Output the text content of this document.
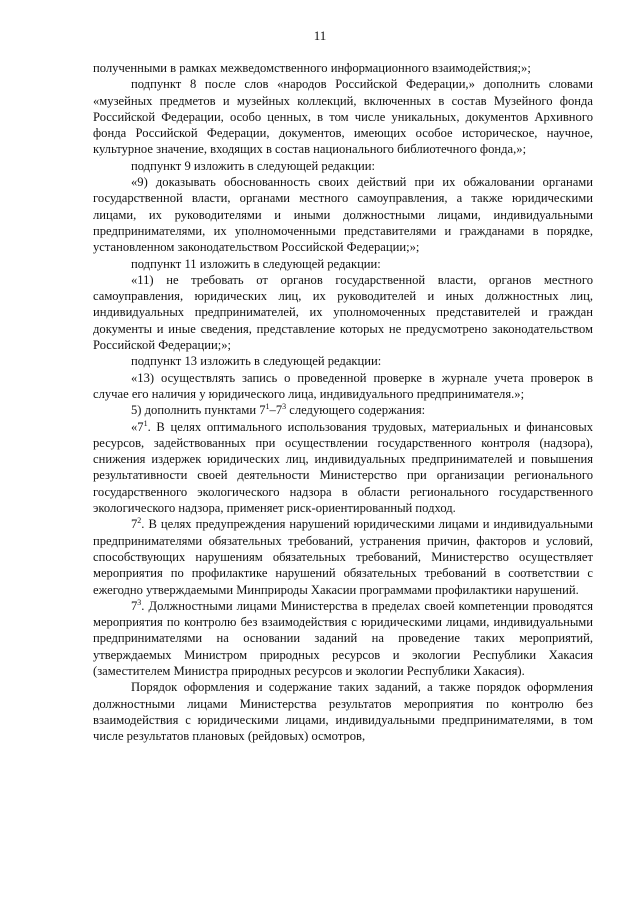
11

полученными в рамках межведомственного информационного взаимодействия;»;

подпункт 8 после слов «народов Российской Федерации,» дополнить словами «музейных предметов и музейных коллекций, включенных в состав Музейного фонда Российской Федерации, особо ценных, в том числе уникальных, документов Архивного фонда Российской Федерации, документов, имеющих особое историческое, научное, культурное значение, входящих в состав национального библиотечного фонда,»;

подпункт 9 изложить в следующей редакции:

«9) доказывать обоснованность своих действий при их обжаловании органами государственной власти, органами местного самоуправления, а также юридическими лицами, их руководителями и иными должностными лицами, индивидуальными предпринимателями, их уполномоченными представителями и гражданами в порядке, установленном законодательством Российской Федерации;»;

подпункт 11 изложить в следующей редакции:

«11) не требовать от органов государственной власти, органов местного самоуправления, юридических лиц, их руководителей и иных должностных лиц, индивидуальных предпринимателей, их уполномоченных представителей и граждан документы и иные сведения, представление которых не предусмотрено законодательством Российской Федерации;»;

подпункт 13 изложить в следующей редакции:

«13) осуществлять запись о проведенной проверке в журнале учета проверок в случае его наличия у юридического лица, индивидуального предпринимателя.»;

5) дополнить пунктами $7^1-7^3$ следующего содержания:

«$7^1$. В целях оптимального использования трудовых, материальных и финансовых ресурсов, задействованных при осуществлении государственного контроля (надзора), снижения издержек юридических лиц, индивидуальных предпринимателей и повышения результативности своей деятельности Министерство при организации регионального государственного экологического надзора в области регионального государственного экологического надзора, применяет риск-ориентированный подход.

$7^2$. В целях предупреждения нарушений юридическими лицами и индивидуальными предпринимателями обязательных требований, устранения причин, факторов и условий, способствующих нарушениям обязательных требований, Министерство осуществляет мероприятия по профилактике нарушений обязательных требований в соответствии с ежегодно утверждаемыми Минприроды Хакасии программами профилактики нарушений.

$7^3$. Должностными лицами Министерства в пределах своей компетенции проводятся мероприятия по контролю без взаимодействия с юридическими лицами, индивидуальными предпринимателями на основании заданий на проведение таких мероприятий, утверждаемых Министром природных ресурсов и экологии Республики Хакасия (заместителем Министра природных ресурсов и экологии Республики Хакасия).

Порядок оформления и содержание таких заданий, а также порядок оформления должностными лицами Министерства результатов мероприятия по контролю без взаимодействия с юридическими лицами, индивидуальными предпринимателями, в том числе результатов плановых (рейдовых) осмотров,
